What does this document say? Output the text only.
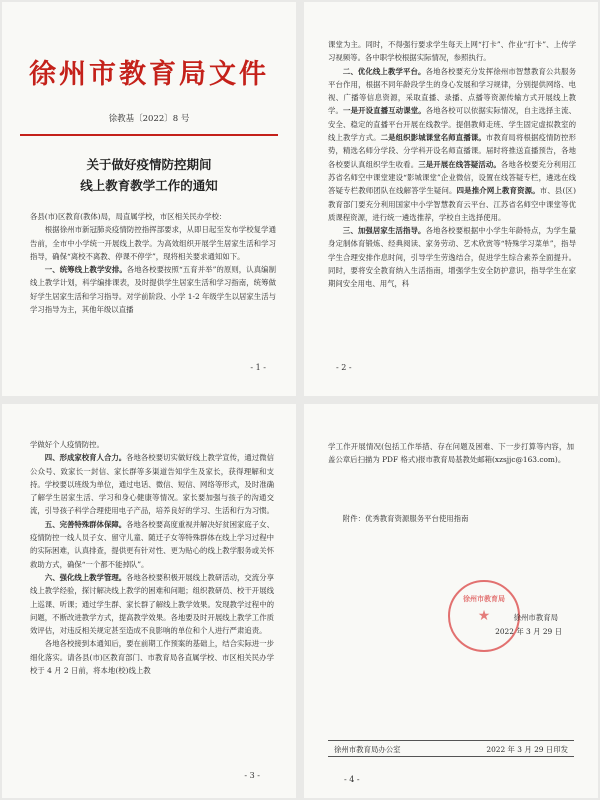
徐州市教育局文件
徐教基〔2022〕8 号
关于做好疫情防控期间
线上教育教学工作的通知

各县(市)区教育(教体)局，局直属学校，市区相关民办学校：

根据徐州市新冠肺炎疫情防控指挥部要求，从即日起至发布学校复学通告前，全市中小学统一开展线上教学。为高效组织开展学生居家生活和学习指导，确保“离校不离教、停课不停学”，现将相关要求通知如下。

一、统筹线上教学安排。各地各校要按照“五育并举”的原则，认真编制线上教学计划，科学编排课表，及时提供学生居家生活和学习指南，统筹做好学生居家生活和学习指导。对学前阶段、小学 1-2 年级学生以居家生活与学习指导为主，其他年级以直播

- 1 -

课堂为主。同时，不得强行要求学生每天上网“打卡”、作业“打卡”、上传学习视频等。各中职学校根据实际情况，参照执行。

二、优化线上教学平台。各地各校要充分发挥徐州市智慧教育公共服务平台作用，根据不同年龄段学生的身心发展和学习规律，分别提供网络、电视、广播等信息资源，采取直播、录播、点播等资源传输方式开展线上教学。一是开设直播互动课堂。各地各校可以依据实际情况，自主选择主流、安全、稳定的直播平台开展在线教学。提倡教师走班、学生固定虚拟教室的线上教学方式。二是组织影城课堂名师直播课。市教育局将根据疫情防控形势，精选名师分学段、分学科开设名师直播课。届时将推送直播预告，各地各校要认真组织学生收看。三是开展在线答疑活动。各地各校要充分利用江苏省名师空中课堂建设“影城课堂”企业微信，设置在线答疑专栏，遴选在线答疑专栏教师团队在线解答学生疑问。四是推介网上教育资源。市、县(区)教育部门要充分利用国家中小学智慧教育云平台、江苏省名师空中课堂等优质课程资源，进行统一遴选推荐，学校自主选择使用。

三、加强居家生活指导。各地各校要根据中小学生年龄特点，为学生量身定制体育锻炼、经典阅读、家务劳动、艺术欣赏等“特殊学习菜单”，指导学生合理安排作息时间，引导学生劳逸结合，促进学生综合素养全面提升。同时，要将安全教育纳入生活指南，增强学生安全防护意识，指导学生在家期间安全用电、用气，科

- 2 -

学做好个人疫情防控。

四、形成家校育人合力。各地各校要切实做好线上教学宣传，通过微信公众号、致家长一封信、家长群等多渠道告知学生及家长，获得理解和支持。学校要以班级为单位，通过电话、微信、短信、网络等形式，及时准确了解学生居家生活、学习和身心健康等情况。家长要加强与孩子的沟通交流，引导孩子科学合理使用电子产品，培养良好的学习、生活和行为习惯。

五、完善特殊群体保障。各地各校要高度重视并解决好贫困家庭子女、疫情防控一线人员子女、留守儿童、随迁子女等特殊群体在线上学习过程中的实际困难，认真排查，提供更有针对性、更为贴心的线上教学服务或关怀救助方式，确保“一个都不能掉队”。

六、强化线上教学管理。各地各校要积极开展线上教研活动，交流分享线上教学经验，探讨解决线上教学的困难和问题；组织教研员、校干开展线上巡课、听课；通过学生群、家长群了解线上教学效果。发现教学过程中的问题，不断改进教学方式，提高教学效果。各地要及时开展线上教学工作质效评估，对违反相关规定甚至造成不良影响的单位和个人进行严肃追责。

各地各校接到本通知后，要在前期工作预案的基础上，结合实际进一步细化落实。请各县(市)区教育部门、市教育局各直属学校、市区相关民办学校于 4 月 2 日前，将本地(校)线上教

- 3 -

学工作开展情况(包括工作举措、存在问题及困难、下一步打算等内容，加盖公章后扫描为 PDF 格式)报市教育局基教处邮箱(xzsjjc@163.com)。

附件：优秀教育资源服务平台使用指南
徐州市教育局
★	徐州市教育局
2022 年 3 月 29 日
徐州市教育局办公室	2022 年 3 月 29 日印发
- 4 -
